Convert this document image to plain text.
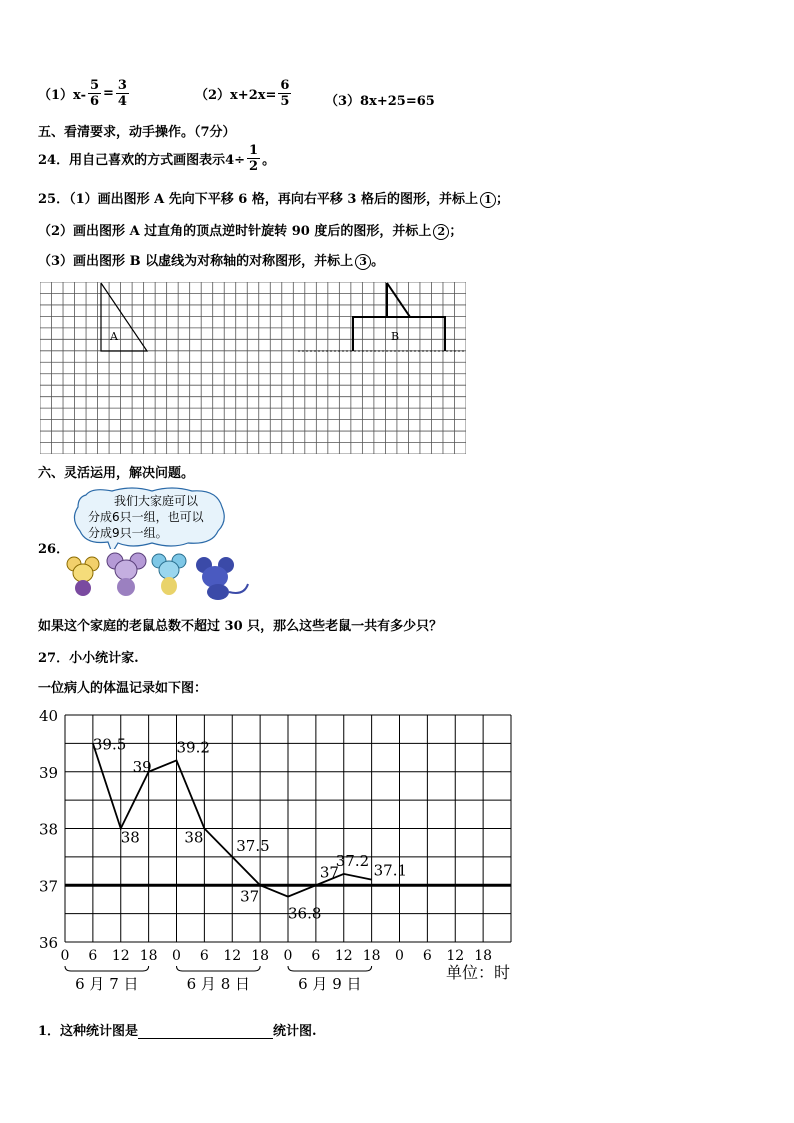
$(1)x- \frac{5}{6} = \frac{3}{4}$	$(2)x+2x= \frac{6}{5}$	（3）8x+25=65
五、看清要求，动手操作。（7分）
24．用自己喜欢的方式画图表示$4\div \frac{1}{2}$ 。
25．（1）画出图形 A 先向下平移 6 格，再向右平移 3 格后的图形，并标上 1 ；
（2）画出图形 A 过直角的顶点逆时针旋转 90 度后的图形，并标上 2 ；
（3）画出图形 B 以虚线为对称轴的对称图形，并标上 3 。
A	B
六、灵活运用，解决问题。
26．
我们大家庭可以
分成6只一组，也可以
分成9只一组。
如果这个家庭的老鼠总数不超过 30 只，那么这些老鼠一共有多少只？
27．小小统计家.
一位病人的体温记录如下图：
36
37
38
39
40
0 6 12 18 0 6 12 18 0 6 12 18 0 6 12 18
6 月 7 日	6 月 8 日	6 月 9 日
单位：时
39.5
38
39
39.2
38 37.5
37
36.8
37
37.2
37.1
1．这种统计图是	统计图.
